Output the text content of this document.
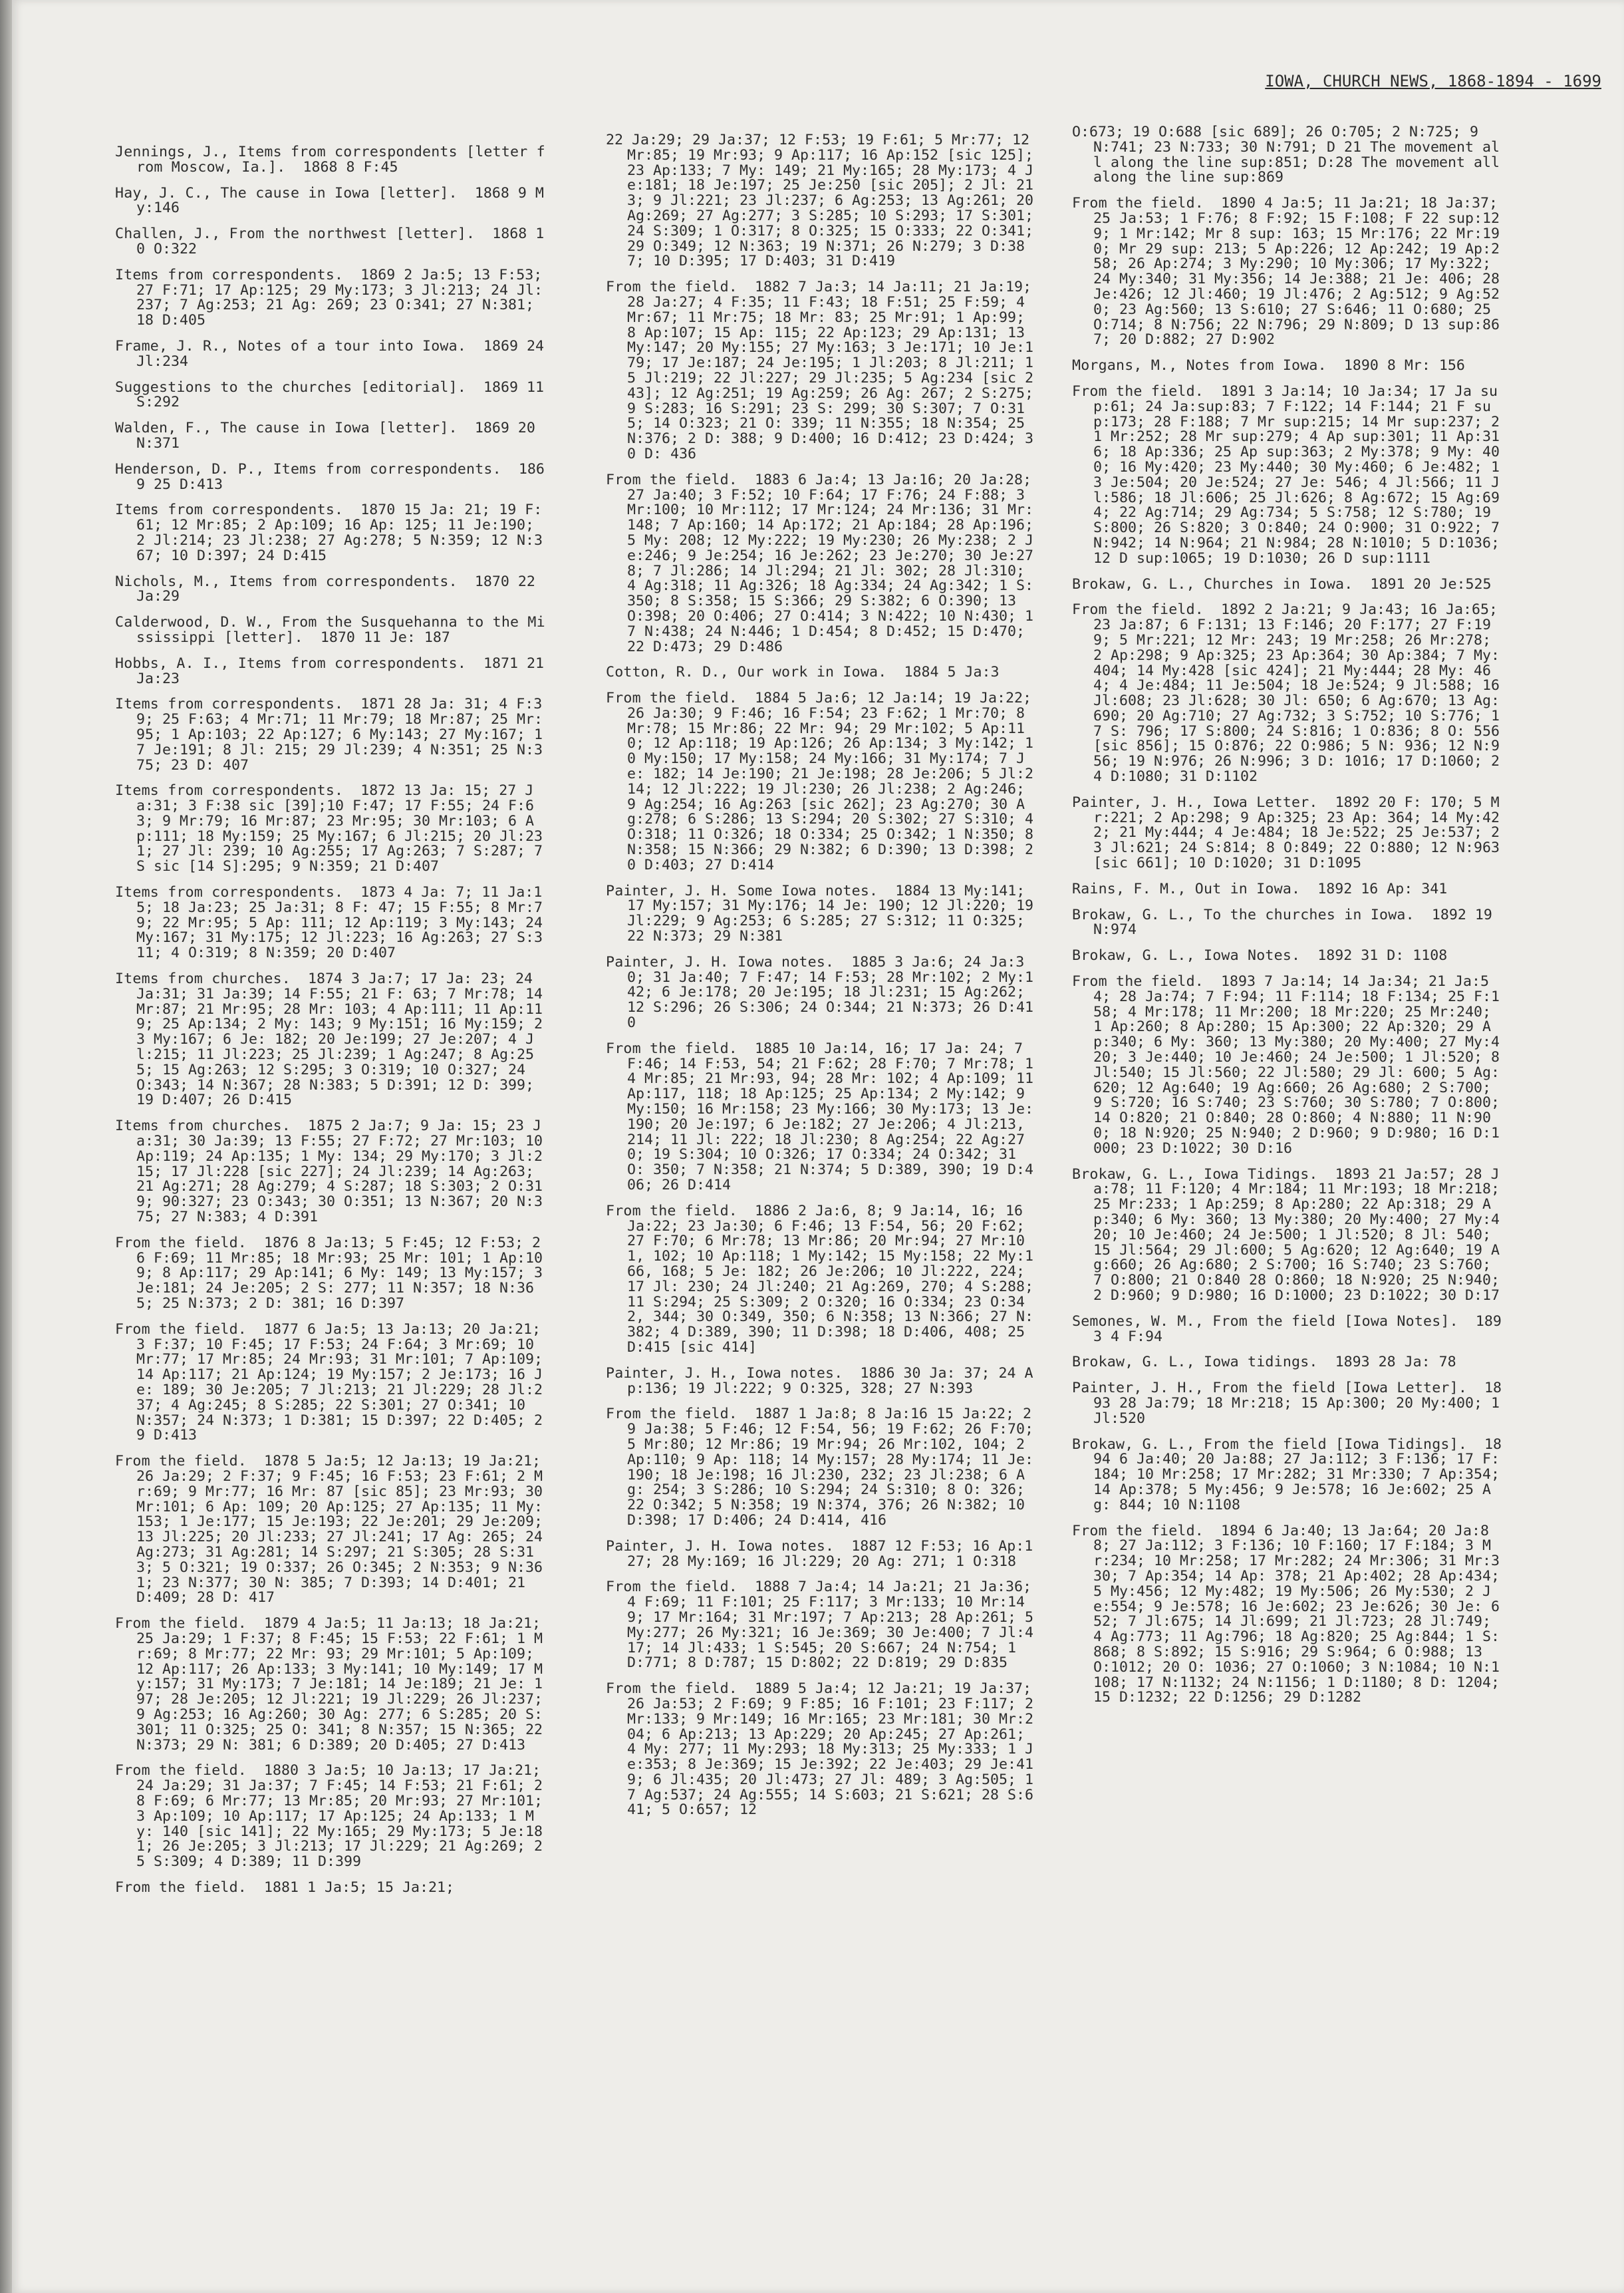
IOWA, CHURCH NEWS, 1868-1894 - 1699
Jennings, J., Items from correspondents [letter from Moscow, Ia.]. 1868 8 F:45
Hay, J. C., The cause in Iowa [letter]. 1868 9 My:146
Challen, J., From the northwest [letter]. 1868 10 O:322
Items from correspondents. 1869 2 Ja:5; 13 F:53; 27 F:71; 17 Ap:125; 29 My:173; 3 Jl:213; 24 Jl:237; 7 Ag:253; 21 Ag: 269; 23 O:341; 27 N:381; 18 D:405
Frame, J. R., Notes of a tour into Iowa. 1869 24 Jl:234
Suggestions to the churches [editorial]. 1869 11 S:292
Walden, F., The cause in Iowa [letter]. 1869 20 N:371
Henderson, D. P., Items from correspondents. 1869 25 D:413
Items from correspondents. 1870 15 Ja: 21; 19 F:61; 12 Mr:85; 2 Ap:109; 16 Ap: 125; 11 Je:190; 2 Jl:214; 23 Jl:238; 27 Ag:278; 5 N:359; 12 N:367; 10 D:397; 24 D:415
Nichols, M., Items from correspondents. 1870 22 Ja:29
Calderwood, D. W., From the Susquehanna to the Mississippi [letter]. 1870 11 Je: 187
Hobbs, A. I., Items from correspondents. 1871 21 Ja:23
Items from correspondents. 1871 28 Ja: 31; 4 F:39; 25 F:63; 4 Mr:71; 11 Mr:79; 18 Mr:87; 25 Mr:95; 1 Ap:103; 22 Ap:127; 6 My:143; 27 My:167; 17 Je:191; 8 Jl: 215; 29 Jl:239; 4 N:351; 25 N:375; 23 D: 407
Items from correspondents. 1872 13 Ja: 15; 27 Ja:31; 3 F:38 sic [39];10 F:47; 17 F:55; 24 F:63; 9 Mr:79; 16 Mr:87; 23 Mr:95; 30 Mr:103; 6 Ap:111; 18 My:159; 25 My:167; 6 Jl:215; 20 Jl:231; 27 Jl: 239; 10 Ag:255; 17 Ag:263; 7 S:287; 7 S sic [14 S]:295; 9 N:359; 21 D:407
Items from correspondents. 1873 4 Ja: 7; 11 Ja:15; 18 Ja:23; 25 Ja:31; 8 F: 47; 15 F:55; 8 Mr:79; 22 Mr:95; 5 Ap: 111; 12 Ap:119; 3 My:143; 24 My:167; 31 My:175; 12 Jl:223; 16 Ag:263; 27 S:311; 4 O:319; 8 N:359; 20 D:407
Items from churches. 1874 3 Ja:7; 17 Ja: 23; 24 Ja:31; 31 Ja:39; 14 F:55; 21 F: 63; 7 Mr:78; 14 Mr:87; 21 Mr:95; 28 Mr: 103; 4 Ap:111; 11 Ap:119; 25 Ap:134; 2 My: 143; 9 My:151; 16 My:159; 23 My:167; 6 Je: 182; 20 Je:199; 27 Je:207; 4 Jl:215; 11 Jl:223; 25 Jl:239; 1 Ag:247; 8 Ag:255; 15 Ag:263; 12 S:295; 3 O:319; 10 O:327; 24 O:343; 14 N:367; 28 N:383; 5 D:391; 12 D: 399; 19 D:407; 26 D:415
Items from churches. 1875 2 Ja:7; 9 Ja: 15; 23 Ja:31; 30 Ja:39; 13 F:55; 27 F:72; 27 Mr:103; 10 Ap:119; 24 Ap:135; 1 My: 134; 29 My:170; 3 Jl:215; 17 Jl:228 [sic 227]; 24 Jl:239; 14 Ag:263; 21 Ag:271; 28 Ag:279; 4 S:287; 18 S:303; 2 O:319; 90:327; 23 O:343; 30 O:351; 13 N:367; 20 N:375; 27 N:383; 4 D:391
From the field. 1876 8 Ja:13; 5 F:45; 12 F:53; 26 F:69; 11 Mr:85; 18 Mr:93; 25 Mr: 101; 1 Ap:109; 8 Ap:117; 29 Ap:141; 6 My: 149; 13 My:157; 3 Je:181; 24 Je:205; 2 S: 277; 11 N:357; 18 N:365; 25 N:373; 2 D: 381; 16 D:397
From the field. 1877 6 Ja:5; 13 Ja:13; 20 Ja:21; 3 F:37; 10 F:45; 17 F:53; 24 F:64; 3 Mr:69; 10 Mr:77; 17 Mr:85; 24 Mr:93; 31 Mr:101; 7 Ap:109; 14 Ap:117; 21 Ap:124; 19 My:157; 2 Je:173; 16 Je: 189; 30 Je:205; 7 Jl:213; 21 Jl:229; 28 Jl:237; 4 Ag:245; 8 S:285; 22 S:301; 27 O:341; 10 N:357; 24 N:373; 1 D:381; 15 D:397; 22 D:405; 29 D:413
From the field. 1878 5 Ja:5; 12 Ja:13; 19 Ja:21; 26 Ja:29; 2 F:37; 9 F:45; 16 F:53; 23 F:61; 2 Mr:69; 9 Mr:77; 16 Mr: 87 [sic 85]; 23 Mr:93; 30 Mr:101; 6 Ap: 109; 20 Ap:125; 27 Ap:135; 11 My:153; 1 Je:177; 15 Je:193; 22 Je:201; 29 Je:209; 13 Jl:225; 20 Jl:233; 27 Jl:241; 17 Ag: 265; 24 Ag:273; 31 Ag:281; 14 S:297; 21 S:305; 28 S:313; 5 O:321; 19 O:337; 26 O:345; 2 N:353; 9 N:361; 23 N:377; 30 N: 385; 7 D:393; 14 D:401; 21 D:409; 28 D: 417
From the field. 1879 4 Ja:5; 11 Ja:13; 18 Ja:21; 25 Ja:29; 1 F:37; 8 F:45; 15 F:53; 22 F:61; 1 Mr:69; 8 Mr:77; 22 Mr: 93; 29 Mr:101; 5 Ap:109; 12 Ap:117; 26 Ap:133; 3 My:141; 10 My:149; 17 My:157; 31 My:173; 7 Je:181; 14 Je:189; 21 Je: 197; 28 Je:205; 12 Jl:221; 19 Jl:229; 26 Jl:237; 9 Ag:253; 16 Ag:260; 30 Ag: 277; 6 S:285; 20 S:301; 11 O:325; 25 O: 341; 8 N:357; 15 N:365; 22 N:373; 29 N: 381; 6 D:389; 20 D:405; 27 D:413
From the field. 1880 3 Ja:5; 10 Ja:13; 17 Ja:21; 24 Ja:29; 31 Ja:37; 7 F:45; 14 F:53; 21 F:61; 28 F:69; 6 Mr:77; 13 Mr:85; 20 Mr:93; 27 Mr:101; 3 Ap:109; 10 Ap:117; 17 Ap:125; 24 Ap:133; 1 My: 140 [sic 141]; 22 My:165; 29 My:173; 5 Je:181; 26 Je:205; 3 Jl:213; 17 Jl:229; 21 Ag:269; 25 S:309; 4 D:389; 11 D:399
From the field. 1881 1 Ja:5; 15 Ja:21;
22 Ja:29; 29 Ja:37; 12 F:53; 19 F:61; 5 Mr:77; 12 Mr:85; 19 Mr:93; 9 Ap:117; 16 Ap:152 [sic 125]; 23 Ap:133; 7 My: 149; 21 My:165; 28 My:173; 4 Je:181; 18 Je:197; 25 Je:250 [sic 205]; 2 Jl: 213; 9 Jl:221; 23 Jl:237; 6 Ag:253; 13 Ag:261; 20 Ag:269; 27 Ag:277; 3 S:285; 10 S:293; 17 S:301; 24 S:309; 1 O:317; 8 O:325; 15 O:333; 22 O:341; 29 O:349; 12 N:363; 19 N:371; 26 N:279; 3 D:387; 10 D:395; 17 D:403; 31 D:419
From the field. 1882 7 Ja:3; 14 Ja:11; 21 Ja:19; 28 Ja:27; 4 F:35; 11 F:43; 18 F:51; 25 F:59; 4 Mr:67; 11 Mr:75; 18 Mr: 83; 25 Mr:91; 1 Ap:99; 8 Ap:107; 15 Ap: 115; 22 Ap:123; 29 Ap:131; 13 My:147; 20 My:155; 27 My:163; 3 Je:171; 10 Je:179; 17 Je:187; 24 Je:195; 1 Jl:203; 8 Jl:211; 15 Jl:219; 22 Jl:227; 29 Jl:235; 5 Ag:234 [sic 243]; 12 Ag:251; 19 Ag:259; 26 Ag: 267; 2 S:275; 9 S:283; 16 S:291; 23 S: 299; 30 S:307; 7 O:315; 14 O:323; 21 O: 339; 11 N:355; 18 N:354; 25 N:376; 2 D: 388; 9 D:400; 16 D:412; 23 D:424; 30 D: 436
From the field. 1883 6 Ja:4; 13 Ja:16; 20 Ja:28; 27 Ja:40; 3 F:52; 10 F:64; 17 F:76; 24 F:88; 3 Mr:100; 10 Mr:112; 17 Mr:124; 24 Mr:136; 31 Mr:148; 7 Ap:160; 14 Ap:172; 21 Ap:184; 28 Ap:196; 5 My: 208; 12 My:222; 19 My:230; 26 My:238; 2 Je:246; 9 Je:254; 16 Je:262; 23 Je:270; 30 Je:278; 7 Jl:286; 14 Jl:294; 21 Jl: 302; 28 Jl:310; 4 Ag:318; 11 Ag:326; 18 Ag:334; 24 Ag:342; 1 S:350; 8 S:358; 15 S:366; 29 S:382; 6 O:390; 13 O:398; 20 O:406; 27 O:414; 3 N:422; 10 N:430; 17 N:438; 24 N:446; 1 D:454; 8 D:452; 15 D:470; 22 D:473; 29 D:486
Cotton, R. D., Our work in Iowa. 1884 5 Ja:3
From the field. 1884 5 Ja:6; 12 Ja:14; 19 Ja:22; 26 Ja:30; 9 F:46; 16 F:54; 23 F:62; 1 Mr:70; 8 Mr:78; 15 Mr:86; 22 Mr: 94; 29 Mr:102; 5 Ap:110; 12 Ap:118; 19 Ap:126; 26 Ap:134; 3 My:142; 10 My:150; 17 My:158; 24 My:166; 31 My:174; 7 Je: 182; 14 Je:190; 21 Je:198; 28 Je:206; 5 Jl:214; 12 Jl:222; 19 Jl:230; 26 Jl:238; 2 Ag:246; 9 Ag:254; 16 Ag:263 [sic 262]; 23 Ag:270; 30 Ag:278; 6 S:286; 13 S:294; 20 S:302; 27 S:310; 4 O:318; 11 O:326; 18 O:334; 25 O:342; 1 N:350; 8 N:358; 15 N:366; 29 N:382; 6 D:390; 13 D:398; 20 D:403; 27 D:414
Painter, J. H. Some Iowa notes. 1884 13 My:141; 17 My:157; 31 My:176; 14 Je: 190; 12 Jl:220; 19 Jl:229; 9 Ag:253; 6 S:285; 27 S:312; 11 O:325; 22 N:373; 29 N:381
Painter, J. H. Iowa notes. 1885 3 Ja:6; 24 Ja:30; 31 Ja:40; 7 F:47; 14 F:53; 28 Mr:102; 2 My:142; 6 Je:178; 20 Je:195; 18 Jl:231; 15 Ag:262; 12 S:296; 26 S:306; 24 O:344; 21 N:373; 26 D:410
From the field. 1885 10 Ja:14, 16; 17 Ja: 24; 7 F:46; 14 F:53, 54; 21 F:62; 28 F:70; 7 Mr:78; 14 Mr:85; 21 Mr:93, 94; 28 Mr: 102; 4 Ap:109; 11 Ap:117, 118; 18 Ap:125; 25 Ap:134; 2 My:142; 9 My:150; 16 Mr:158; 23 My:166; 30 My:173; 13 Je:190; 20 Je:197; 6 Je:182; 27 Je:206; 4 Jl:213, 214; 11 Jl: 222; 18 Jl:230; 8 Ag:254; 22 Ag:270; 19 S:304; 10 O:326; 17 O:334; 24 O:342; 31 O: 350; 7 N:358; 21 N:374; 5 D:389, 390; 19 D:406; 26 D:414
From the field. 1886 2 Ja:6, 8; 9 Ja:14, 16; 16 Ja:22; 23 Ja:30; 6 F:46; 13 F:54, 56; 20 F:62; 27 F:70; 6 Mr:78; 13 Mr:86; 20 Mr:94; 27 Mr:101, 102; 10 Ap:118; 1 My:142; 15 My:158; 22 My:166, 168; 5 Je: 182; 26 Je:206; 10 Jl:222, 224; 17 Jl: 230; 24 Jl:240; 21 Ag:269, 270; 4 S:288; 11 S:294; 25 S:309; 2 O:320; 16 O:334; 23 O:342, 344; 30 O:349, 350; 6 N:358; 13 N:366; 27 N:382; 4 D:389, 390; 11 D:398; 18 D:406, 408; 25 D:415 [sic 414]
Painter, J. H., Iowa notes. 1886 30 Ja: 37; 24 Ap:136; 19 Jl:222; 9 O:325, 328; 27 N:393
From the field. 1887 1 Ja:8; 8 Ja:16 15 Ja:22; 29 Ja:38; 5 F:46; 12 F:54, 56; 19 F:62; 26 F:70; 5 Mr:80; 12 Mr:86; 19 Mr:94; 26 Mr:102, 104; 2 Ap:110; 9 Ap: 118; 14 My:157; 28 My:174; 11 Je:190; 18 Je:198; 16 Jl:230, 232; 23 Jl:238; 6 Ag: 254; 3 S:286; 10 S:294; 24 S:310; 8 O: 326; 22 O:342; 5 N:358; 19 N:374, 376; 26 N:382; 10 D:398; 17 D:406; 24 D:414, 416
Painter, J. H. Iowa notes. 1887 12 F:53; 16 Ap:127; 28 My:169; 16 Jl:229; 20 Ag: 271; 1 O:318
From the field. 1888 7 Ja:4; 14 Ja:21; 21 Ja:36; 4 F:69; 11 F:101; 25 F:117; 3 Mr:133; 10 Mr:149; 17 Mr:164; 31 Mr:197; 7 Ap:213; 28 Ap:261; 5 My:277; 26 My:321; 16 Je:369; 30 Je:400; 7 Jl:417; 14 Jl:433; 1 S:545; 20 S:667; 24 N:754; 1 D:771; 8 D:787; 15 D:802; 22 D:819; 29 D:835
From the field. 1889 5 Ja:4; 12 Ja:21; 19 Ja:37; 26 Ja:53; 2 F:69; 9 F:85; 16 F:101; 23 F:117; 2 Mr:133; 9 Mr:149; 16 Mr:165; 23 Mr:181; 30 Mr:204; 6 Ap:213; 13 Ap:229; 20 Ap:245; 27 Ap:261; 4 My: 277; 11 My:293; 18 My:313; 25 My:333; 1 Je:353; 8 Je:369; 15 Je:392; 22 Je:403; 29 Je:419; 6 Jl:435; 20 Jl:473; 27 Jl: 489; 3 Ag:505; 17 Ag:537; 24 Ag:555; 14 S:603; 21 S:621; 28 S:641; 5 O:657; 12
O:673; 19 O:688 [sic 689]; 26 O:705; 2 N:725; 9 N:741; 23 N:733; 30 N:791; D 21 The movement all along the line sup:851; D:28 The movement all along the line sup:869
From the field. 1890 4 Ja:5; 11 Ja:21; 18 Ja:37; 25 Ja:53; 1 F:76; 8 F:92; 15 F:108; F 22 sup:129; 1 Mr:142; Mr 8 sup: 163; 15 Mr:176; 22 Mr:190; Mr 29 sup: 213; 5 Ap:226; 12 Ap:242; 19 Ap:258; 26 Ap:274; 3 My:290; 10 My:306; 17 My:322; 24 My:340; 31 My:356; 14 Je:388; 21 Je: 406; 28 Je:426; 12 Jl:460; 19 Jl:476; 2 Ag:512; 9 Ag:520; 23 Ag:560; 13 S:610; 27 S:646; 11 O:680; 25 O:714; 8 N:756; 22 N:796; 29 N:809; D 13 sup:867; 20 D:882; 27 D:902
Morgans, M., Notes from Iowa. 1890 8 Mr: 156
From the field. 1891 3 Ja:14; 10 Ja:34; 17 Ja sup:61; 24 Ja:sup:83; 7 F:122; 14 F:144; 21 F sup:173; 28 F:188; 7 Mr sup:215; 14 Mr sup:237; 21 Mr:252; 28 Mr sup:279; 4 Ap sup:301; 11 Ap:316; 18 Ap:336; 25 Ap sup:363; 2 My:378; 9 My: 400; 16 My:420; 23 My:440; 30 My:460; 6 Je:482; 13 Je:504; 20 Je:524; 27 Je: 546; 4 Jl:566; 11 Jl:586; 18 Jl:606; 25 Jl:626; 8 Ag:672; 15 Ag:694; 22 Ag:714; 29 Ag:734; 5 S:758; 12 S:780; 19 S:800; 26 S:820; 3 O:840; 24 O:900; 31 O:922; 7 N:942; 14 N:964; 21 N:984; 28 N:1010; 5 D:1036; 12 D sup:1065; 19 D:1030; 26 D sup:1111
Brokaw, G. L., Churches in Iowa. 1891 20 Je:525
From the field. 1892 2 Ja:21; 9 Ja:43; 16 Ja:65; 23 Ja:87; 6 F:131; 13 F:146; 20 F:177; 27 F:199; 5 Mr:221; 12 Mr: 243; 19 Mr:258; 26 Mr:278; 2 Ap:298; 9 Ap:325; 23 Ap:364; 30 Ap:384; 7 My:404; 14 My:428 [sic 424]; 21 My:444; 28 My: 464; 4 Je:484; 11 Je:504; 18 Je:524; 9 Jl:588; 16 Jl:608; 23 Jl:628; 30 Jl: 650; 6 Ag:670; 13 Ag:690; 20 Ag:710; 27 Ag:732; 3 S:752; 10 S:776; 17 S: 796; 17 S:800; 24 S:816; 1 O:836; 8 O: 556 [sic 856]; 15 O:876; 22 O:986; 5 N: 936; 12 N:956; 19 N:976; 26 N:996; 3 D: 1016; 17 D:1060; 24 D:1080; 31 D:1102
Painter, J. H., Iowa Letter. 1892 20 F: 170; 5 Mr:221; 2 Ap:298; 9 Ap:325; 23 Ap: 364; 14 My:422; 21 My:444; 4 Je:484; 18 Je:522; 25 Je:537; 23 Jl:621; 24 S:814; 8 O:849; 22 O:880; 12 N:963 [sic 661]; 10 D:1020; 31 D:1095
Rains, F. M., Out in Iowa. 1892 16 Ap: 341
Brokaw, G. L., To the churches in Iowa. 1892 19 N:974
Brokaw, G. L., Iowa Notes. 1892 31 D: 1108
From the field. 1893 7 Ja:14; 14 Ja:34; 21 Ja:54; 28 Ja:74; 7 F:94; 11 F:114; 18 F:134; 25 F:158; 4 Mr:178; 11 Mr:200; 18 Mr:220; 25 Mr:240; 1 Ap:260; 8 Ap:280; 15 Ap:300; 22 Ap:320; 29 Ap:340; 6 My: 360; 13 My:380; 20 My:400; 27 My:420; 3 Je:440; 10 Je:460; 24 Je:500; 1 Jl:520; 8 Jl:540; 15 Jl:560; 22 Jl:580; 29 Jl: 600; 5 Ag:620; 12 Ag:640; 19 Ag:660; 26 Ag:680; 2 S:700; 9 S:720; 16 S:740; 23 S:760; 30 S:780; 7 O:800; 14 O:820; 21 O:840; 28 O:860; 4 N:880; 11 N:900; 18 N:920; 25 N:940; 2 D:960; 9 D:980; 16 D:1000; 23 D:1022; 30 D:16
Brokaw, G. L., Iowa Tidings. 1893 21 Ja:57; 28 Ja:78; 11 F:120; 4 Mr:184; 11 Mr:193; 18 Mr:218; 25 Mr:233; 1 Ap:259; 8 Ap:280; 22 Ap:318; 29 Ap:340; 6 My: 360; 13 My:380; 20 My:400; 27 My:420; 10 Je:460; 24 Je:500; 1 Jl:520; 8 Jl: 540; 15 Jl:564; 29 Jl:600; 5 Ag:620; 12 Ag:640; 19 Ag:660; 26 Ag:680; 2 S:700; 16 S:740; 23 S:760; 7 O:800; 21 O:840 28 O:860; 18 N:920; 25 N:940; 2 D:960; 9 D:980; 16 D:1000; 23 D:1022; 30 D:17
Semones, W. M., From the field [Iowa Notes]. 1893 4 F:94
Brokaw, G. L., Iowa tidings. 1893 28 Ja: 78
Painter, J. H., From the field [Iowa Letter]. 1893 28 Ja:79; 18 Mr:218; 15 Ap:300; 20 My:400; 1 Jl:520
Brokaw, G. L., From the field [Iowa Tidings]. 1894 6 Ja:40; 20 Ja:88; 27 Ja:112; 3 F:136; 17 F:184; 10 Mr:258; 17 Mr:282; 31 Mr:330; 7 Ap:354; 14 Ap:378; 5 My:456; 9 Je:578; 16 Je:602; 25 Ag: 844; 10 N:1108
From the field. 1894 6 Ja:40; 13 Ja:64; 20 Ja:88; 27 Ja:112; 3 F:136; 10 F:160; 17 F:184; 3 Mr:234; 10 Mr:258; 17 Mr:282; 24 Mr:306; 31 Mr:330; 7 Ap:354; 14 Ap: 378; 21 Ap:402; 28 Ap:434; 5 My:456; 12 My:482; 19 My:506; 26 My:530; 2 Je:554; 9 Je:578; 16 Je:602; 23 Je:626; 30 Je: 652; 7 Jl:675; 14 Jl:699; 21 Jl:723; 28 Jl:749; 4 Ag:773; 11 Ag:796; 18 Ag:820; 25 Ag:844; 1 S:868; 8 S:892; 15 S:916; 29 S:964; 6 O:988; 13 O:1012; 20 O: 1036; 27 O:1060; 3 N:1084; 10 N:1108; 17 N:1132; 24 N:1156; 1 D:1180; 8 D: 1204; 15 D:1232; 22 D:1256; 29 D:1282
